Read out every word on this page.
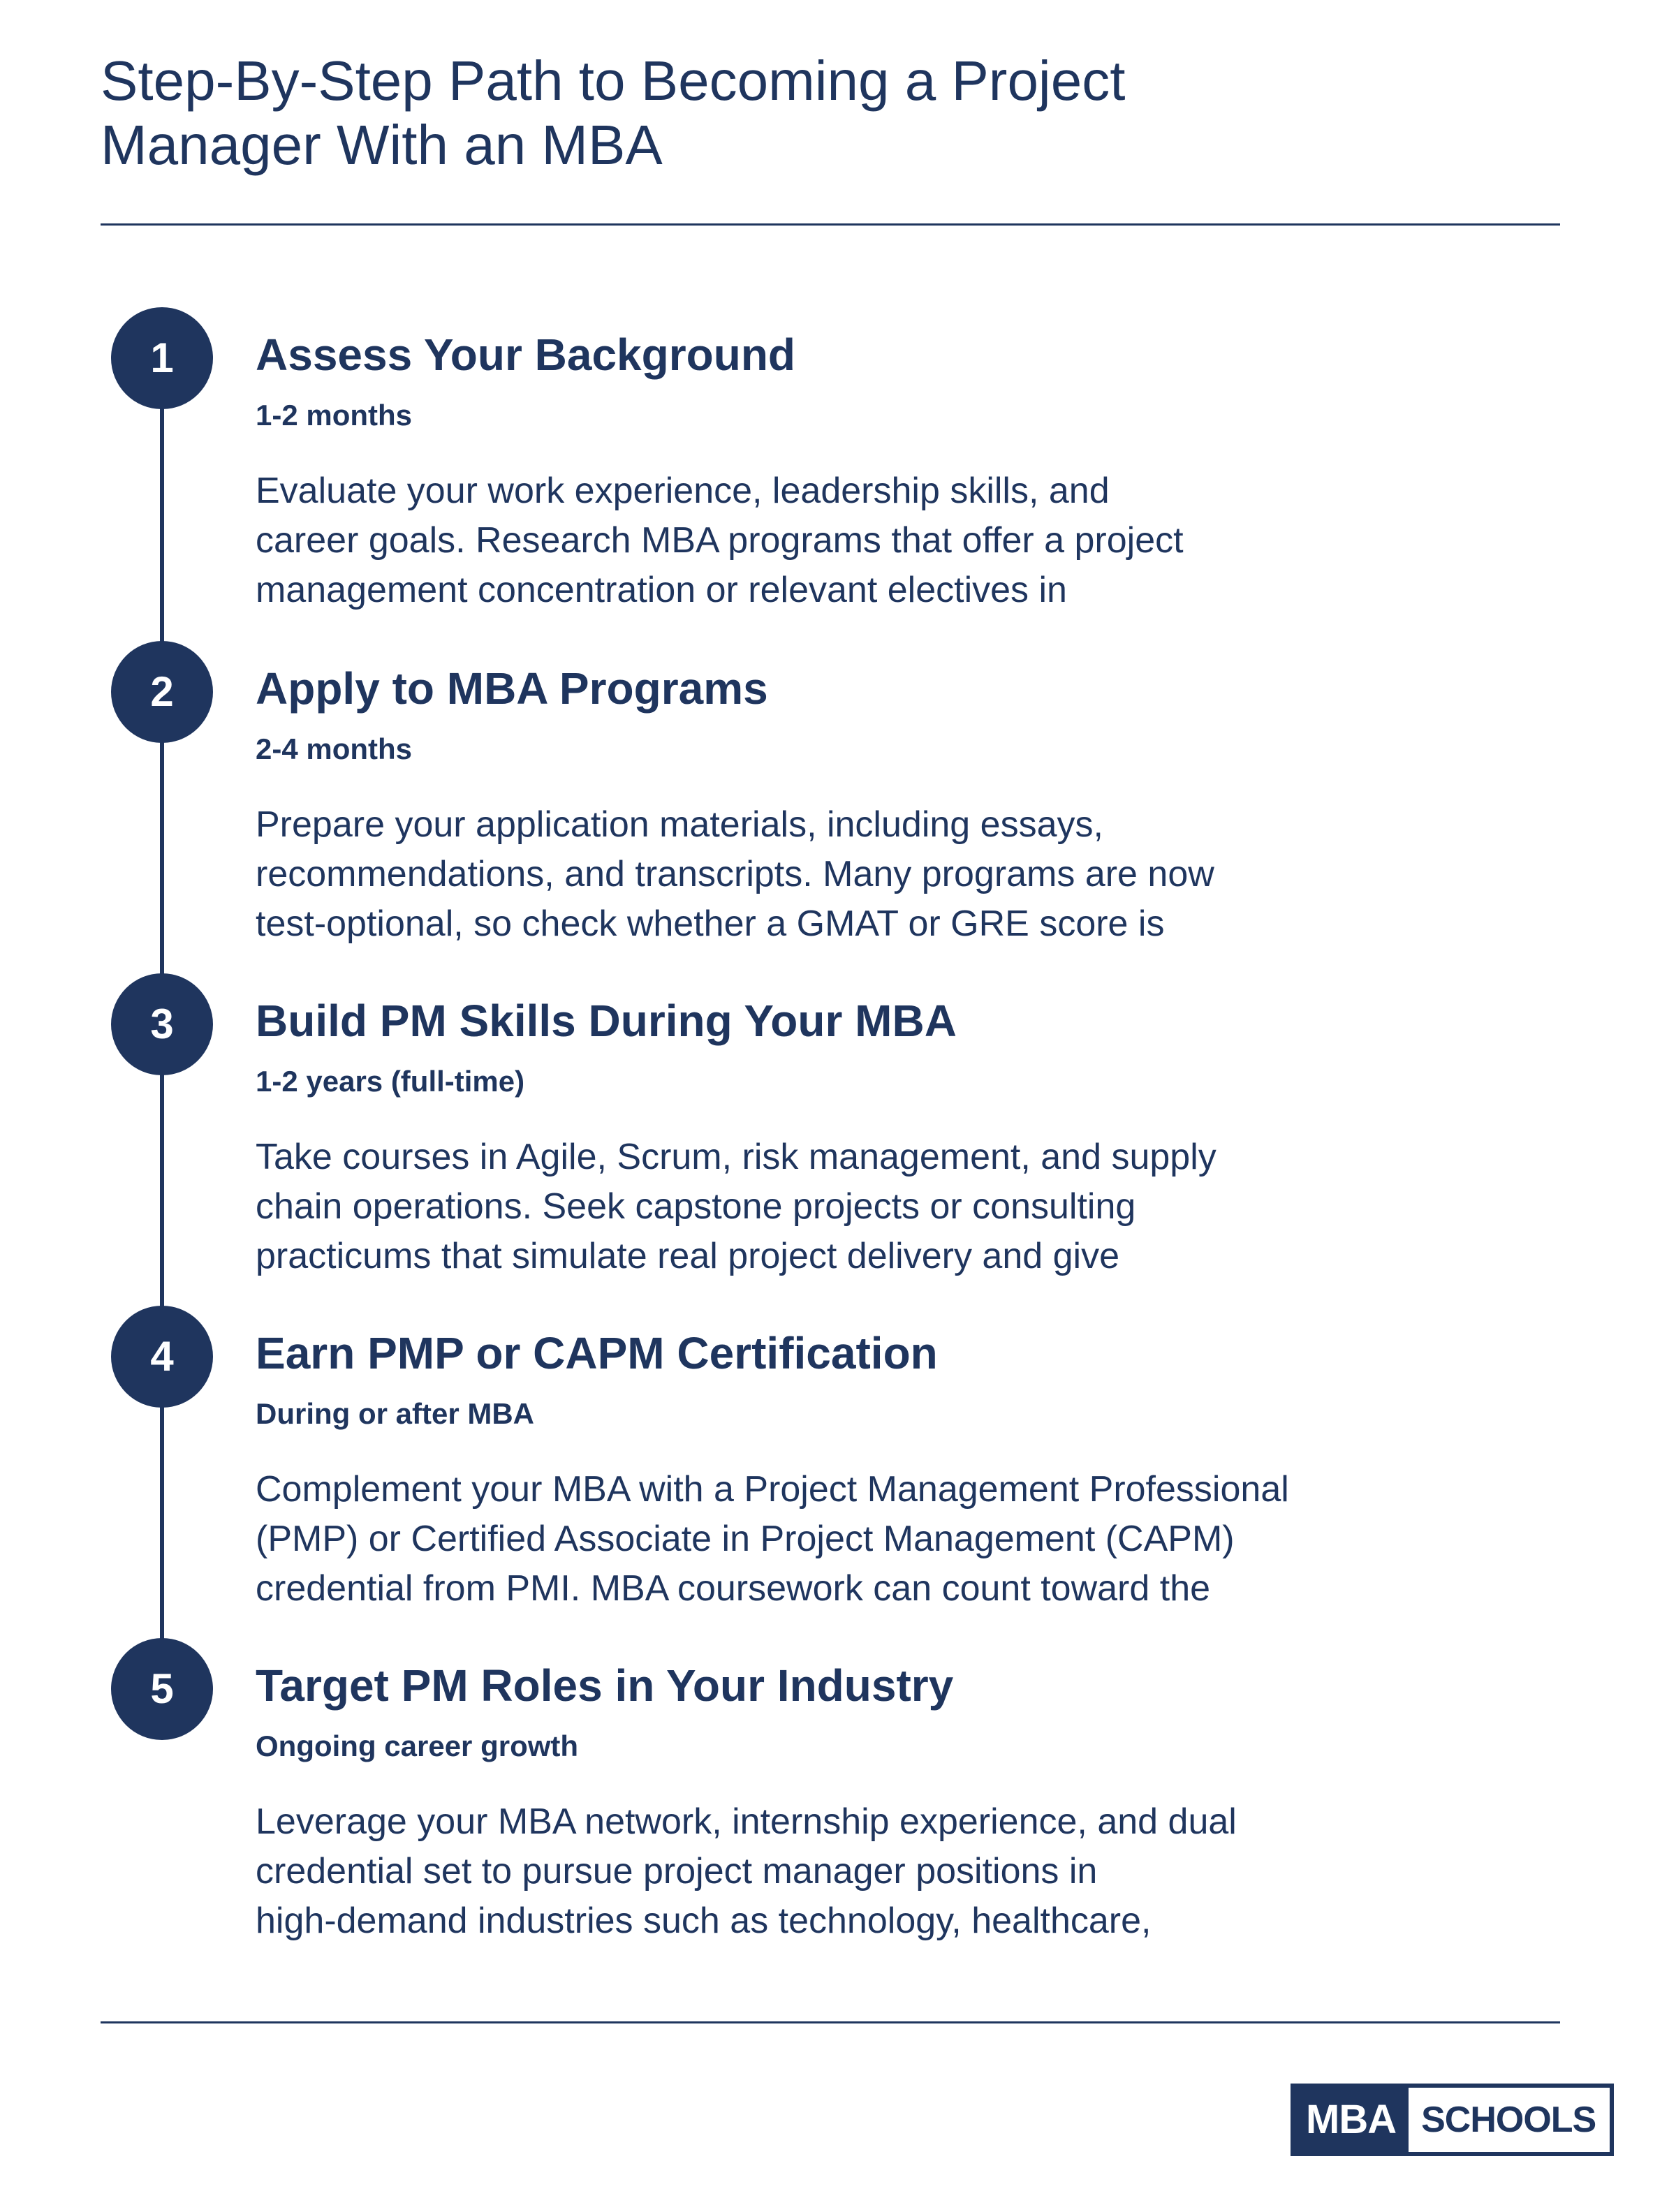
Step-By-Step Path to Becoming a Project
Manager With an MBA
1	Assess Your Background
1-2 months

Evaluate your work experience, leadership skills, and
career goals. Research MBA programs that offer a project
management concentration or relevant electives in

2	Apply to MBA Programs
2-4 months

Prepare your application materials, including essays,
recommendations, and transcripts. Many programs are now
test-optional, so check whether a GMAT or GRE score is

3	Build PM Skills During Your MBA
1-2 years (full-time)

Take courses in Agile, Scrum, risk management, and supply
chain operations. Seek capstone projects or consulting
practicums that simulate real project delivery and give

4	Earn PMP or CAPM Certification
During or after MBA

Complement your MBA with a Project Management Professional
(PMP) or Certified Associate in Project Management (CAPM)
credential from PMI. MBA coursework can count toward the

5	Target PM Roles in Your Industry
Ongoing career growth

Leverage your MBA network, internship experience, and dual
credential set to pursue project manager positions in
high-demand industries such as technology, healthcare,

MBA SCHOOLS
